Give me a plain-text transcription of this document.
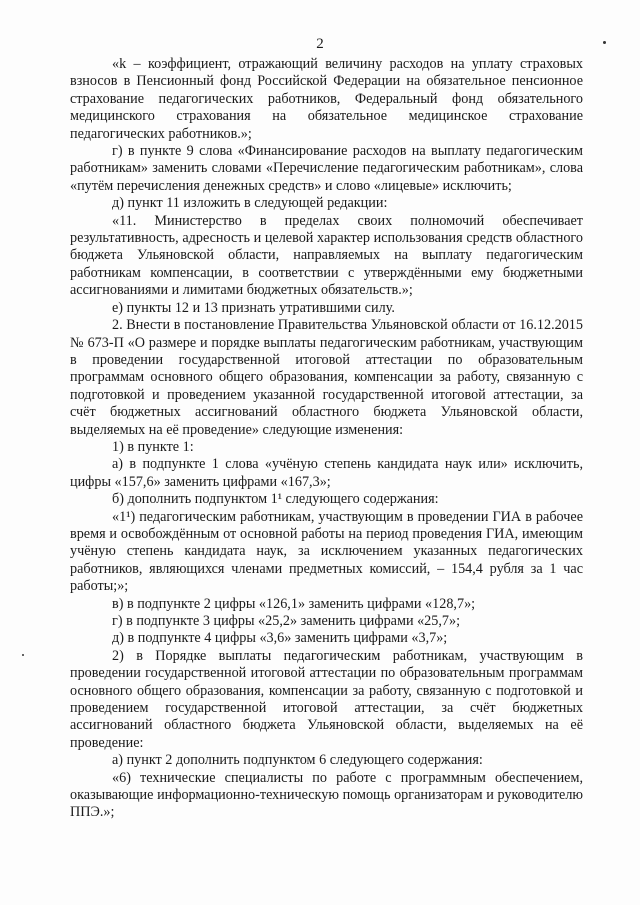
2

«k – коэффициент, отражающий величину расходов на уплату страховых взносов в Пенсионный фонд Российской Федерации на обязательное пенсионное страхование педагогических работников, Федеральный фонд обязательного медицинского страхования на обязательное медицинское страхование педагогических работников.»;

г) в пункте 9 слова «Финансирование расходов на выплату педагогическим работникам» заменить словами «Перечисление педагогическим работникам», слова «путём перечисления денежных средств» и слово «лицевые» исключить;

д) пункт 11 изложить в следующей редакции:

«11. Министерство в пределах своих полномочий обеспечивает результативность, адресность и целевой характер использования средств областного бюджета Ульяновской области, направляемых на выплату педагогическим работникам компенсации, в соответствии с утверждёнными ему бюджетными ассигнованиями и лимитами бюджетных обязательств.»;

е) пункты 12 и 13 признать утратившими силу.

2. Внести в постановление Правительства Ульяновской области от 16.12.2015 № 673-П «О размере и порядке выплаты педагогическим работникам, участвующим в проведении государственной итоговой аттестации по образовательным программам основного общего образования, компенсации за работу, связанную с подготовкой и проведением указанной государственной итоговой аттестации, за счёт бюджетных ассигнований областного бюджета Ульяновской области, выделяемых на её проведение» следующие изменения:

1) в пункте 1:

а) в подпункте 1 слова «учёную степень кандидата наук или» исключить, цифры «157,6» заменить цифрами «167,3»;

б) дополнить подпунктом 1¹ следующего содержания:

«1¹) педагогическим работникам, участвующим в проведении ГИА в рабочее время и освобождённым от основной работы на период проведения ГИА, имеющим учёную степень кандидата наук, за исключением указанных педагогических работников, являющихся членами предметных комиссий, – 154,4 рубля за 1 час работы;»;

в) в подпункте 2 цифры «126,1» заменить цифрами «128,7»;

г) в подпункте 3 цифры «25,2» заменить цифрами «25,7»;

д) в подпункте 4 цифры «3,6» заменить цифрами «3,7»;

2) в Порядке выплаты педагогическим работникам, участвующим в проведении государственной итоговой аттестации по образовательным программам основного общего образования, компенсации за работу, связанную с подготовкой и проведением государственной итоговой аттестации, за счёт бюджетных ассигнований областного бюджета Ульяновской области, выделяемых на её проведение:

а) пункт 2 дополнить подпунктом 6 следующего содержания:

«6) технические специалисты по работе с программным обеспечением, оказывающие информационно-техническую помощь организаторам и руководителю ППЭ.»;
